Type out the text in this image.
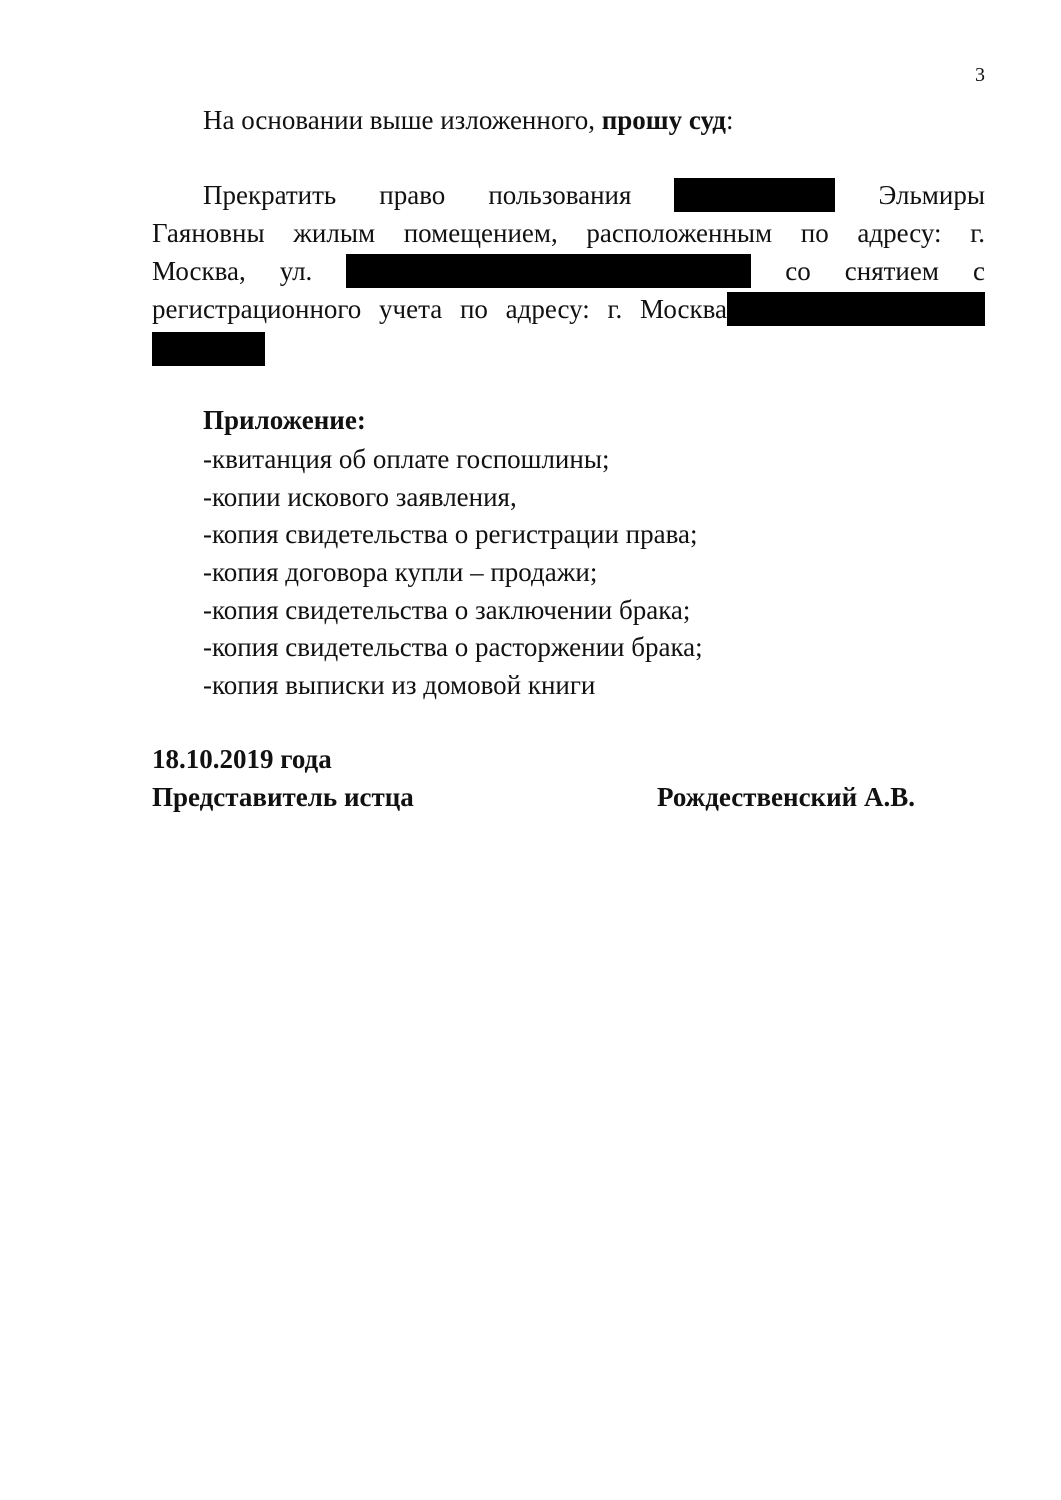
3
На основании выше изложенного, прошу суд:
Прекратить право пользования	Эльмиры
Гаяновны жилым помещением, расположенным по адресу: г.
Москва, ул.	со снятием с
регистрационного учета по адресу: г. Москва
Приложение:
-квитанция об оплате госпошлины;
-копии искового заявления,
-копия свидетельства о регистрации права;
-копия договора купли – продажи;
-копия свидетельства о заключении брака;
-копия свидетельства о расторжении брака;
-копия выписки из домовой книги
18.10.2019 года
Представитель истца	Рождественский А.В.
